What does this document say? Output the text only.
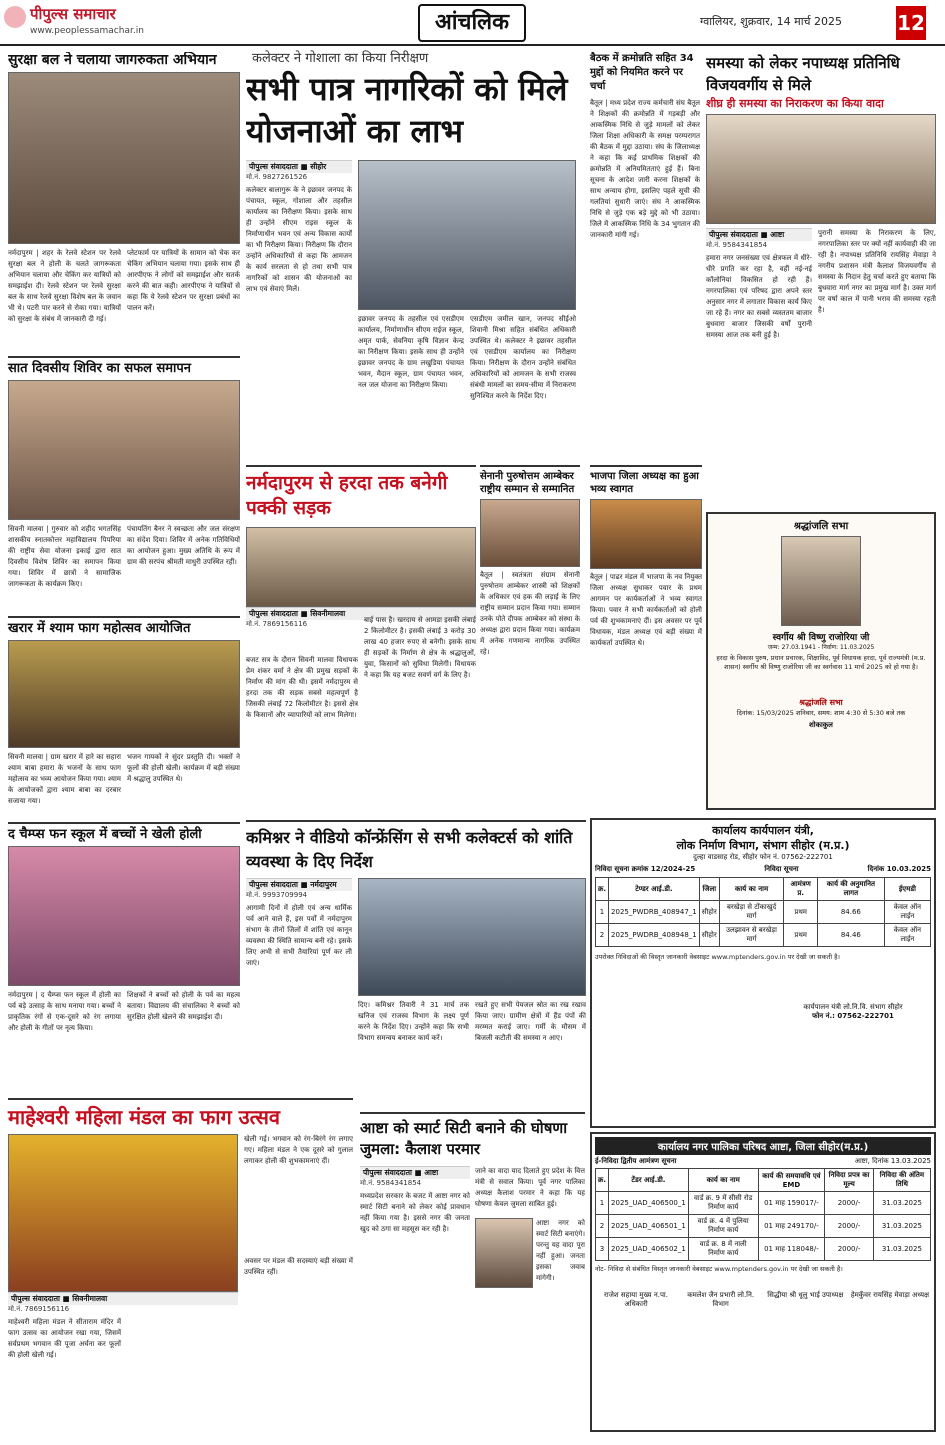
पीपुल्स समाचार
www.peoplessamachar.in	आंचलिक	ग्वालियर, शुक्रवार, 14 मार्च 2025	12
सुरक्षा बल ने चलाया जागरुकता अभियान
नर्मदापुरम | शहर के रेलवे स्टेशन पर रेलवे सुरक्षा बल ने होली के चलते जागरूकता अभियान चलाया और चेकिंग कर यात्रियों को समझाईश दी। रेलवे स्टेशन पर रेलवे सुरक्षा बल के साथ रेलवे सुरक्षा विशेष बल के जवान भी थे। पटरी पार करने से रोका गया। यात्रियों को सुरक्षा के संबंध में जानकारी दी गई।
प्लेटफार्म पर यात्रियों के सामान को चेक कर चेकिंग अभियान चलाया गया। इसके साथ ही आरपीएफ ने लोगों को समझाईश और सतर्क करने की बात कही। आरपीएफ ने यात्रियों से कहा कि ये रेलवे स्टेशन पर सुरक्षा प्रबंधों का पालन करें।
सात दिवसीय शिविर का सफल समापन
सिवनी मालवा | गुरुवार को शहीद भगतसिंह शासकीय स्नातकोत्तर महाविद्यालय पिपरिया की राष्ट्रीय सेवा योजना इकाई द्वारा सात दिवसीय विशेष शिविर का समापन किया गया। शिविर में छात्रों ने सामाजिक जागरूकता के कार्यक्रम किए।
पंचायतिंग बैनर ने स्वच्छता और जल संरक्षण का संदेश दिया। शिविर में अनेक गतिविधियों का आयोजन हुआ। मुख्य अतिथि के रूप में ग्राम की सरपंच श्रीमती माधुरी उपस्थित रहीं।
खरार में श्याम फाग महोत्सव आयोजित
सिवनी मालवा | ग्राम खरार में हारे का सहारा श्याम बाबा हमारा के भजनों के साथ फाग महोत्सव का भव्य आयोजन किया गया। श्याम के आयोजकों द्वारा श्याम बाबा का दरबार सजाया गया।
भजन गायकों ने सुंदर प्रस्तुति दी। भक्तों ने फूलों की होली खेली। कार्यक्रम में बड़ी संख्या में श्रद्धालु उपस्थित थे।
द चैम्प्स फन स्कूल में बच्चों ने खेली होली
नर्मदापुरम | द चैम्प्स फन स्कूल में होली का पर्व बड़े उत्साह के साथ मनाया गया। बच्चों ने प्राकृतिक रंगों से एक-दूसरे को रंग लगाया और होली के गीतों पर नृत्य किया।
शिक्षकों ने बच्चों को होली के पर्व का महत्व बताया। विद्यालय की संचालिका ने बच्चों को सुरक्षित होली खेलने की समझाईश दी।
माहेश्वरी महिला मंडल का फाग उत्सव
पीपुल्स संवाददाता ■ सिवनीमालवा
मो.नं. 7869156116
माहेश्वरी महिला मंडल ने सीताराम मंदिर में फाग उत्सव का आयोजन रखा गया, जिसमें सर्वप्रथम भगवान की पूजा अर्चना कर फूलों की होली खेली गई।
खेली गई। भगवान को रंग-बिरंगे रंग लगाए गए। महिला मंडल ने एक दूसरे को गुलाल लगाकर होली की शुभकामनाएं दीं।
अवसर पर मंडल की सदस्याएं बड़ी संख्या में उपस्थित रहीं।
कलेक्टर ने गोशाला का किया निरीक्षण
सभी पात्र नागरिकों को मिले योजनाओं का लाभ
पीपुल्स संवाददाता ■ सीहोर
मो.नं. 9827261526
कलेक्टर बालागुरू के ने इछावर जनपद के पंचायत, स्कूल, गोशाला और तहसील कार्यालय का निरीक्षण किया। इसके साथ ही उन्होंने सीएम राइस स्कूल के निर्माणाधीन भवन एवं अन्य विकास कार्यों का भी निरीक्षण किया। निरीक्षण कि दौरान उन्होंने अधिकारियों से कहा कि आमजन के कार्य सरलता से हो तथा सभी पात्र नागरिकों को शासन की योजनाओं का लाभ एवं सेवाएं मिलें।
इछावर जनपद के तहसील एवं एसडीएम कार्यालय, निर्माणाधीन सीएम राईज स्कूल, अमृत पार्क, सेवनिया कृषि विज्ञान केन्द्र का निरीक्षण किया। इसके साथ ही उन्होंने इछावर जनपद के ग्राम लखुडिया पंचायत भवन, मैदान स्कूल, ग्राम पंचायत भवन, नल जल योजना का निरीक्षण किया।
एसडीएम जमील खान, जनपद सीईओ शिवानी मिश्रा सहित संबंधित अधिकारी उपस्थित थे। कलेक्टर ने इछावर तहसील एवं एसडीएम कार्यालय का निरीक्षण किया। निरीक्षण के दौरान उन्होंने संबंधित अधिकारियों को आमजन के सभी राजस्व संबंधी मामलों का समय-सीमा में निराकरण सुनिश्चित करने के निर्देश दिए।
नर्मदापुरम से हरदा तक बनेगी पक्की सड़क
पीपुल्स संवाददाता ■ सिवनीमालवा
मो.नं. 7869156116
बजट सत्र के दौरान सिवनी मालवा विधायक प्रेम शंकर वर्मा ने क्षेत्र की प्रमुख सड़कों के निर्माण की मांग की थी। इसमें नर्मदापुरम से हरदा तक की सड़क सबसे महत्वपूर्ण है जिसकी लंबाई 72 किलोमीटर है। इससे क्षेत्र के किसानों और व्यापारियों को लाभ मिलेगा।
बाई पास है। खरदाय से आमडा इसकी लंबाई 2 किलोमीटर है। इसकी लंबाई 3 करोड़ 30 लाख 40 हजार रुपए से बनेगी। इसके साथ ही सड़कों के निर्माण से क्षेत्र के श्रद्धालुओं, युवा, किसानों को सुविधा मिलेगी। विधायक ने कहा कि यह बजट सवर्ण वर्ग के लिए है।
सेनानी पुरुषोत्तम आम्बेकर राष्ट्रीय सम्मान से सम्मानित
बैतूल | स्वतंत्रता संग्राम सेनानी पुरुषोत्तम आम्बेकर शास्त्री को शिक्षकों के अधिकार एवं हक की लड़ाई के लिए राष्ट्रीय सम्मान प्रदान किया गया। सम्मान उनके पोते दीपक आम्बेकर को संस्था के अध्यक्ष द्वारा प्रदान किया गया। कार्यक्रम में अनेक गणमान्य नागरिक उपस्थित रहे।
कमिश्नर ने वीडियो कॉन्फ्रेंसिंग से सभी कलेक्टर्स को शांति व्यवस्था के दिए निर्देश
पीपुल्स संवाददाता ■ नर्मदापुरम
मो.नं. 9993709994
आगामी दिनों में होली एवं अन्य धार्मिक पर्व आने वाले हैं, इस पर्वों में नर्मदापुरम संभाग के तीनों जिलों में शांति एवं कानून व्यवस्था की स्थिति सामान्य बनी रहे। इसके लिए अभी से सभी तैयारियां पूर्ण कर ली जाएं।
दिए। कमिश्नर तिवारी ने 31 मार्च तक खनिज एवं राजस्व विभाग के लक्ष्य पूर्ण करने के निर्देश दिए। उन्होंने कहा कि सभी विभाग समन्वय बनाकर कार्य करें।
रखते हुए सभी पेयजल स्रोत का रख रखाव किया जाए। ग्रामीण क्षेत्रों में हैंड पंपों की मरम्मत कराई जाए। गर्मी के मौसम में बिजली कटौती की समस्या न आए।
आष्टा को स्मार्ट सिटी बनाने की घोषणा जुमला: कैलाश परमार
पीपुल्स संवाददाता ■ आष्टा
मो.नं. 9584341854
मध्यप्रदेश सरकार के बजट में आष्टा नगर को स्मार्ट सिटी बनाने को लेकर कोई प्रावधान नहीं किया गया है। इससे नगर की जनता खुद को ठगा सा महसूस कर रही है।
जाने का वादा याद दिलाते हुए प्रदेश के वित्त मंत्री से सवाल किया। पूर्व नगर पालिका अध्यक्ष कैलाश परमार ने कहा कि यह घोषणा केवल जुमला साबित हुई।
आष्टा नगर को स्मार्ट सिटी बनाएंगे। परन्तु यह वादा पूरा नहीं हुआ। जनता इसका जवाब मांगेगी।
बैठक में क्रमोन्नति सहित 34 मुद्दों को नियमित करने पर चर्चा
बैतूल | मध्य प्रदेश राज्य कर्मचारी संघ बैतूल ने शिक्षकों की क्रमोन्नति में गड़बड़ी और आकस्मिक निधि से जुड़े मामलों को लेकर जिला शिक्षा अधिकारी के समक्ष परम्परागत की बैठक में मुद्दा उठाया। संघ के जिलाध्यक्ष ने कहा कि कई प्राथमिक शिक्षकों की क्रमोन्नति में अनियमितताएं हुई हैं। बिना सूचना के आदेश जारी करना शिक्षकों के साथ अन्याय होगा, इसलिए पहले सूची की गलतियां सुधारी जाएं। संघ ने आकस्मिक निधि से जुड़े एक बड़े मुद्दे को भी उठाया। जिले में आकस्मिक निधि के 34 भुगतान की जानकारी मांगी गई।
भाजपा जिला अध्यक्ष का हुआ भव्य स्वागत
बैतूल | पाढर मंडल में भाजपा के नव नियुक्त जिला अध्यक्ष सुधाकर पवार के प्रथम आगमन पर कार्यकर्ताओं ने भव्य स्वागत किया। पवार ने सभी कार्यकर्ताओं को होली पर्व की शुभकामनाएं दीं। इस अवसर पर पूर्व विधायक, मंडल अध्यक्ष एवं बड़ी संख्या में कार्यकर्ता उपस्थित थे।
समस्या को लेकर नपाध्यक्ष प्रतिनिधि विजयवर्गीय से मिले
शीघ्र ही समस्या का निराकरण का किया वादा
पीपुल्स संवाददाता ■ आष्टा
मो.नं. 9584341854
हमारा नगर जनसंख्या एवं क्षेत्रफल में धीरे-धीरे प्रगति कर रहा है, वहीं नई-नई कॉलोनियां विकसित हो रही हैं। नगरपालिका एवं परिषद द्वारा अपने स्तर अनुसार नगर में लगातार विकास कार्य किए जा रहे हैं। नगर का सबसे व्यस्ततम बाजार बुधवारा बाजार जिसकी वर्षों पुरानी समस्या आज तक बनी हुई है।
पुरानी समस्या के निराकरण के लिए, नगरपालिका स्तर पर क्यों नहीं कार्यवाही की जा रही है। नपाध्यक्ष प्रतिनिधि रायसिंह मेवाड़ा ने नगरीय प्रशासन मंत्री कैलाश विजयवर्गीय से समस्या के निदान हेतु चर्चा करते हुए बताया कि बुधवारा मार्ग नगर का प्रमुख मार्ग है। उक्त मार्ग पर वर्षा काल में पानी भराव की समस्या रहती है।
श्रद्धांजलि सभा
स्वर्गीय श्री विष्णु राजोरिया जी
जन्म: 27.03.1941 - निर्वाण: 11.03.2025
हरदा के विकास पुरुष, प्रधान प्रचारक, शिक्षाविद, पूर्व विधायक हरदा, पूर्व राज्यमंत्री (म.प्र. शासन) स्वर्गीय श्री विष्णु राजोरिया जी का स्वर्गवास 11 मार्च 2025 को हो गया है।
श्रद्धांजलि सभा
दिनांक: 15/03/2025 शनिवार, समय: शाम 4:30 से 5:30 बजे तक
शोकाकुल
कार्यालय कार्यपालन यंत्री,
लोक निर्माण विभाग, संभाग सीहोर (म.प्र.)
दुल्हा वाडसाह रोड, सीहोर फोन नं. 07562-222701
निविदा सूचना क्रमांक 12/2024-25	निविदा सूचना	दिनांक 10.03.2025
क्र.	टेण्डर आई.डी.	जिला	कार्य का नाम	आमंत्रण प्र.	कार्य की अनुमानित लागत	ईएमडी
1	2025_PWDRB_408947_1	सीहोर	बरखेड़ा से टोंकाखुर्द मार्ग	प्रथम	84.66	केवल ऑन लाईन
2	2025_PWDRB_408948_1	सीहोर	उलझावन से बरखेड़ा मार्ग	प्रथम	84.46	केवल ऑन लाईन
उपरोक्त निविदाओं की विस्तृत जानकारी वेबसाइट www.mptenders.gov.in पर देखी जा सकती है।
कार्यपालन यंत्री लो.नि.वि. संभाग सीहोर
फोन नं.: 07562-222701
कार्यालय नगर पालिका परिषद आष्टा, जिला सीहोर(म.प्र.)
ई-निविदा द्वितीय आमंत्रण सूचना	आष्टा, दिनांक 13.03.2025
क्र.	टेंडर आई.डी.	कार्य का नाम	कार्य की समयावधि एवं EMD	निविदा प्रपत्र का मूल्य	निविदा की अंतिम तिथि
1	2025_UAD_406500_1	वार्ड क्र. 9 में सीसी रोड निर्माण कार्य	01 माह 159017/-	2000/-	31.03.2025
2	2025_UAD_406501_1	वार्ड क्र. 4 में पुलिया निर्माण कार्य	01 माह 249170/-	2000/-	31.03.2025
3	2025_UAD_406502_1	वार्ड क्र. 8 में नाली निर्माण कार्य	01 माह 118048/-	2000/-	31.03.2025
नोट- निविदा से संबंधित विस्तृत जानकारी वेबसाइट www.mptenders.gov.in पर देखी जा सकती है।
राजेश सहाया मुख्य न.पा. अधिकारी
कमलेश जैन प्रभारी लो.नि. विभाग
सिद्धीया श्री धूलु भाई उपाध्यक्ष	हेमकुँवर रायसिंह मेवाड़ा अध्यक्ष
